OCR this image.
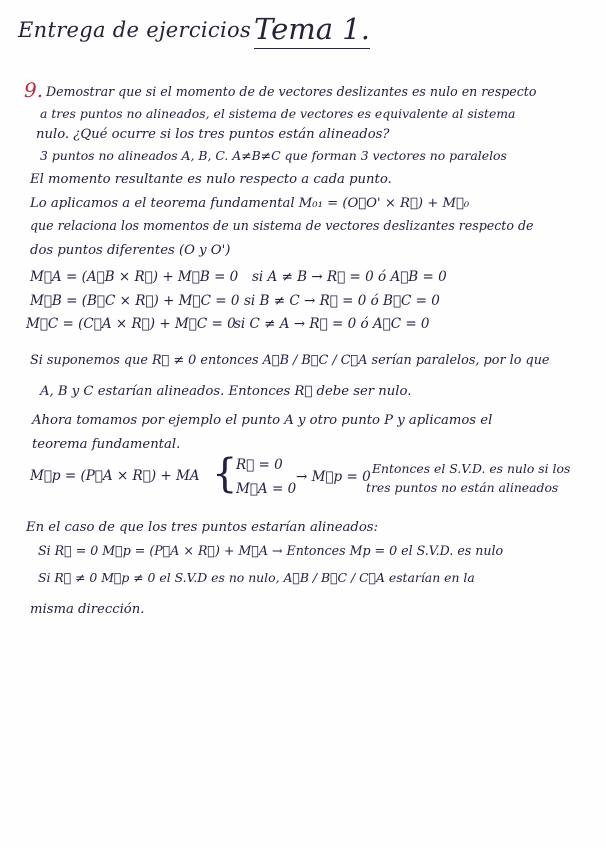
Entrega de ejercicios Tema 1.
9. Demostrar que si el momento de de vectores deslizantes es nulo en respecto
a tres puntos no alineados, el sistema de vectores es equivalente al sistema
nulo. ¿Qué ocurre si los tres puntos están alineados?
3 puntos no alineados A, B, C. A≠B≠C que forman 3 vectores no paralelos
El momento resultante es nulo respecto a cada punto.
Lo aplicamos a el teorema fundamental M₀₁ = (O⃗O' × R⃗) + M⃗₀
que relaciona los momentos de un sistema de vectores deslizantes respecto de
dos puntos diferentes (O y O')
M⃗A = (A⃗B × R⃗) + M⃗B = 0 si A ≠ B → R⃗ = 0 ó A⃗B = 0
M⃗B = (B⃗C × R⃗) + M⃗C = 0 si B ≠ C → R⃗ = 0 ó B⃗C = 0
M⃗C = (C⃗A × R⃗) + M⃗C = 0
si C ≠ A → R⃗ = 0 ó A⃗C = 0
Si suponemos que R⃗ ≠ 0 entonces A⃗B / B⃗C / C⃗A serían paralelos, por lo que
A, B y C estarían alineados. Entonces R⃗ debe ser nulo.
Ahora tomamos por ejemplo el punto A y otro punto P y aplicamos el
teorema fundamental.
M⃗p = (P⃗A × R⃗) + MA {
R⃗ = 0
M⃗A = 0
→ M⃗p = 0
Entonces el S.V.D. es nulo si los
tres puntos no están alineados
En el caso de que los tres puntos estarían alineados:
Si R⃗ = 0 M⃗p = (P⃗A × R⃗) + M⃗A → Entonces Mp = 0 el S.V.D. es nulo
Si R⃗ ≠ 0 M⃗p ≠ 0 el S.V.D es no nulo, A⃗B / B⃗C / C⃗A estarían en la
misma dirección.
